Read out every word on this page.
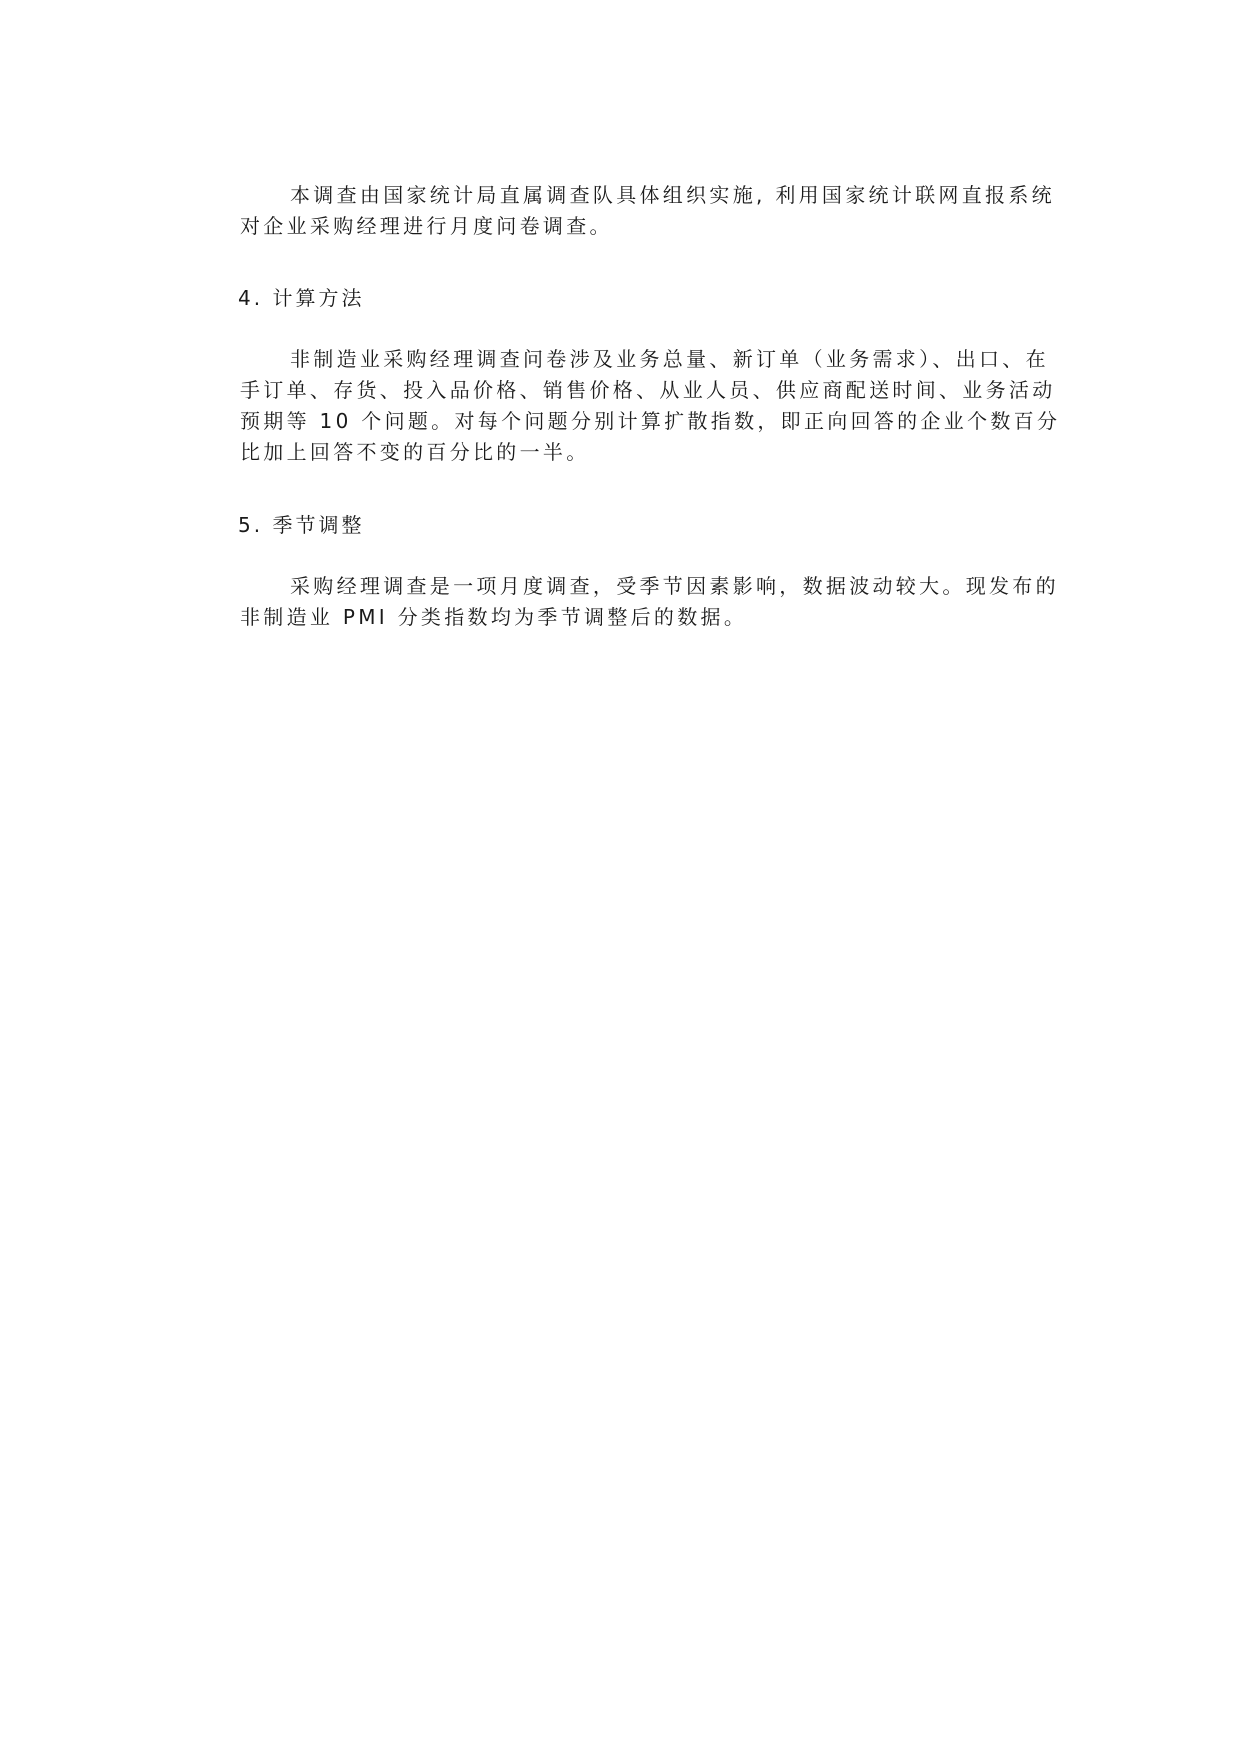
本调查由国家统计局直属调查队具体组织实施, 利用国家统计联网直报系统
对企业采购经理进行月度问卷调查。

4. 计算方法

非制造业采购经理调查问卷涉及业务总量、新订单（业务需求）、出口、在
手订单、存货、投入品价格、销售价格、从业人员、供应商配送时间、业务活动
预期等 10 个问题。对每个问题分别计算扩散指数，即正向回答的企业个数百分
比加上回答不变的百分比的一半。

5. 季节调整

采购经理调查是一项月度调查，受季节因素影响，数据波动较大。现发布的
非制造业 PMI 分类指数均为季节调整后的数据。
